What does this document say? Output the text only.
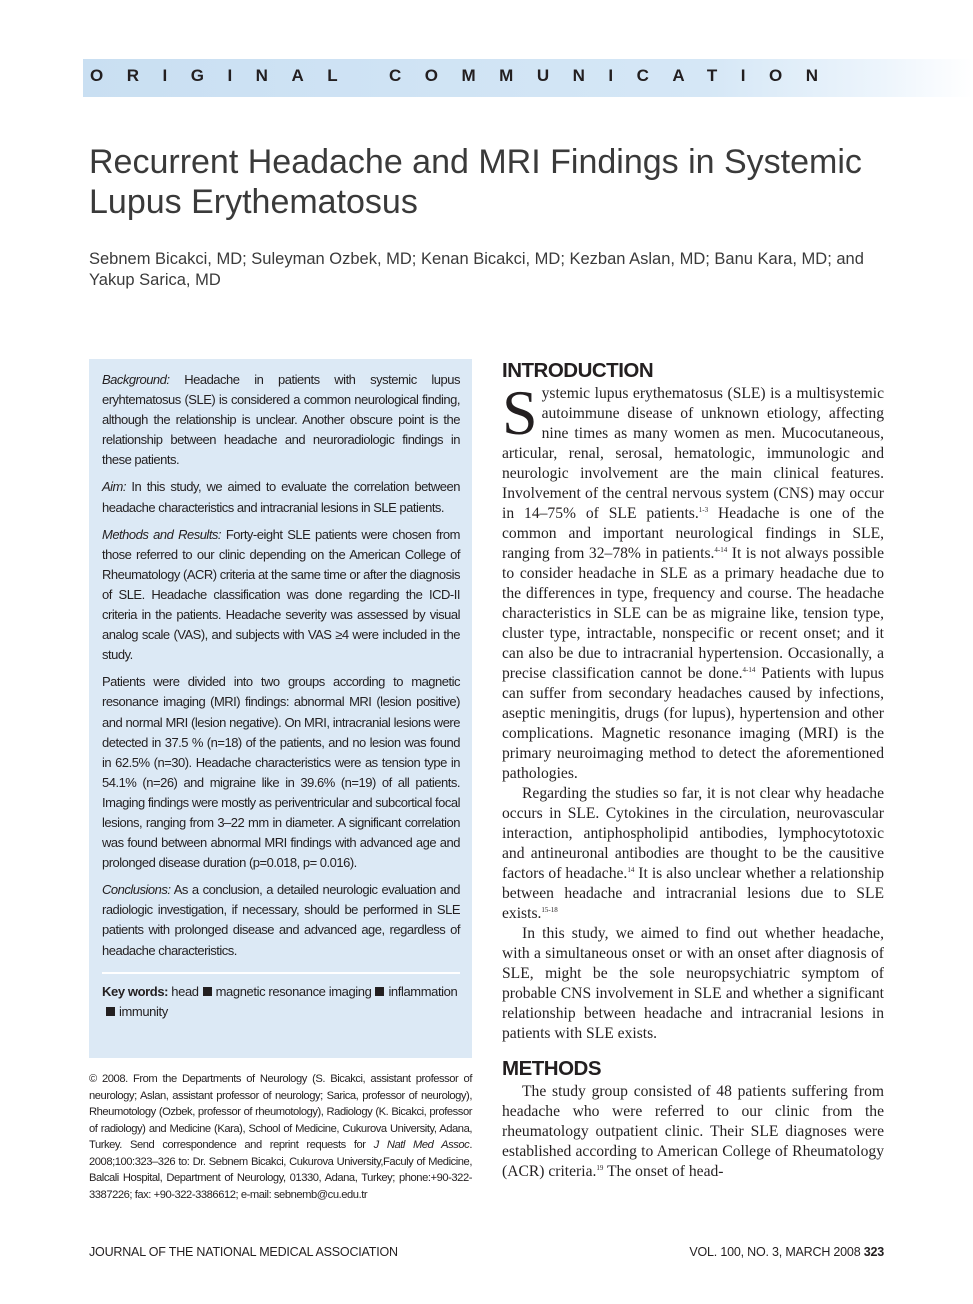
ORIGINAL COMMUNICATION
Recurrent Headache and MRI Findings in Systemic Lupus Erythematosus
Sebnem Bicakci, MD; Suleyman Ozbek, MD; Kenan Bicakci, MD; Kezban Aslan, MD; Banu Kara, MD; and Yakup Sarica, MD

Background: Headache in patients with systemic lupus eryhtematosus (SLE) is considered a common neurological finding, although the relationship is unclear. Another obscure point is the relationship between headache and neuroradiologic findings in these patients.

Aim: In this study, we aimed to evaluate the correlation between headache characteristics and intracranial lesions in SLE patients.

Methods and Results: Forty-eight SLE patients were chosen from those referred to our clinic depending on the American College of Rheumatology (ACR) criteria at the same time or after the diagnosis of SLE. Headache classification was done regarding the ICD-II criteria in the patients. Headache severity was assessed by visual analog scale (VAS), and subjects with VAS ≥4 were included in the study.

Patients were divided into two groups according to magnetic resonance imaging (MRI) findings: abnormal MRI (lesion positive) and normal MRI (lesion negative). On MRI, intracranial lesions were detected in 37.5 % (n=18) of the patients, and no lesion was found in 62.5% (n=30). Headache characteristics were as tension type in 54.1% (n=26) and migraine like in 39.6% (n=19) of all patients. Imaging findings were mostly as periventricular and subcortical focal lesions, ranging from 3–22 mm in diameter. A significant correlation was found between abnormal MRI findings with advanced age and prolonged disease duration (p=0.018, p= 0.016).

Conclusions: As a conclusion, a detailed neurologic evaluation and radiologic investigation, if necessary, should be performed in SLE patients with prolonged disease and advanced age, regardless of headache characteristics.

Key words: head magnetic resonance imaging inflammationimmunity

© 2008. From the Departments of Neurology (S. Bicakci, assistant professor of neurology; Aslan, assistant professor of neurology; Sarica, professor of neurology), Rheumotology (Ozbek, professor of rheumotology), Radiology (K. Bicakci, professor of radiology) and Medicine (Kara), School of Medicine, Cukurova University, Adana, Turkey. Send correspondence and reprint requests for J Natl Med Assoc. 2008;100:323–326 to: Dr. Sebnem Bicakci, Cukurova University,Faculy of Medicine, Balcali Hospital, Department of Neurology, 01330, Adana, Turkey; phone:+90-322-3387226; fax: +90-322-3386612; e-mail: sebnemb@cu.edu.tr

INTRODUCTION

Systemic lupus erythematosus (SLE) is a multisystemic autoimmune disease of unknown etiology, affecting nine times as many women as men. Mucocutaneous, articular, renal, serosal, hematologic, immunologic and neurologic involvement are the main clinical features. Involvement of the central nervous system (CNS) may occur in 14–75% of SLE patients.$^{1-3}$ Headache is one of the common and important neurological findings in SLE, ranging from 32–78% in patients.$^{4-14}$ It is not always possible to consider headache in SLE as a primary headache due to the differences in type, frequency and course. The headache characteristics in SLE can be as migraine like, tension type, cluster type, intractable, nonspecific or recent onset; and it can also be due to intracranial hypertension. Occasionally, a precise classification cannot be done.$^{4-14}$ Patients with lupus can suffer from secondary headaches caused by infections, aseptic meningitis, drugs (for lupus), hypertension and other complications. Magnetic resonance imaging (MRI) is the primary neuroimaging method to detect the aforementioned pathologies.

Regarding the studies so far, it is not clear why headache occurs in SLE. Cytokines in the circulation, neurovascular interaction, antiphospholipid antibodies, lymphocytotoxic and antineuronal antibodies are thought to be the causitive factors of headache.$^{14}$ It is also unclear whether a relationship between headache and intracranial lesions due to SLE exists.$^{15-18}$

In this study, we aimed to find out whether headache, with a simultaneous onset or with an onset after diagnosis of SLE, might be the sole neuropsychiatric symptom of probable CNS involvement in SLE and whether a significant relationship between headache and intracranial lesions in patients with SLE exists.

METHODS

The study group consisted of 48 patients suffering from headache who were referred to our clinic from the rheumatology outpatient clinic. Their SLE diagnoses were established according to American College of Rheumatology (ACR) criteria.$^{19}$ The onset of head-

JOURNAL OF THE NATIONAL MEDICAL ASSOCIATION	VOL. 100, NO. 3, MARCH 2008 323
